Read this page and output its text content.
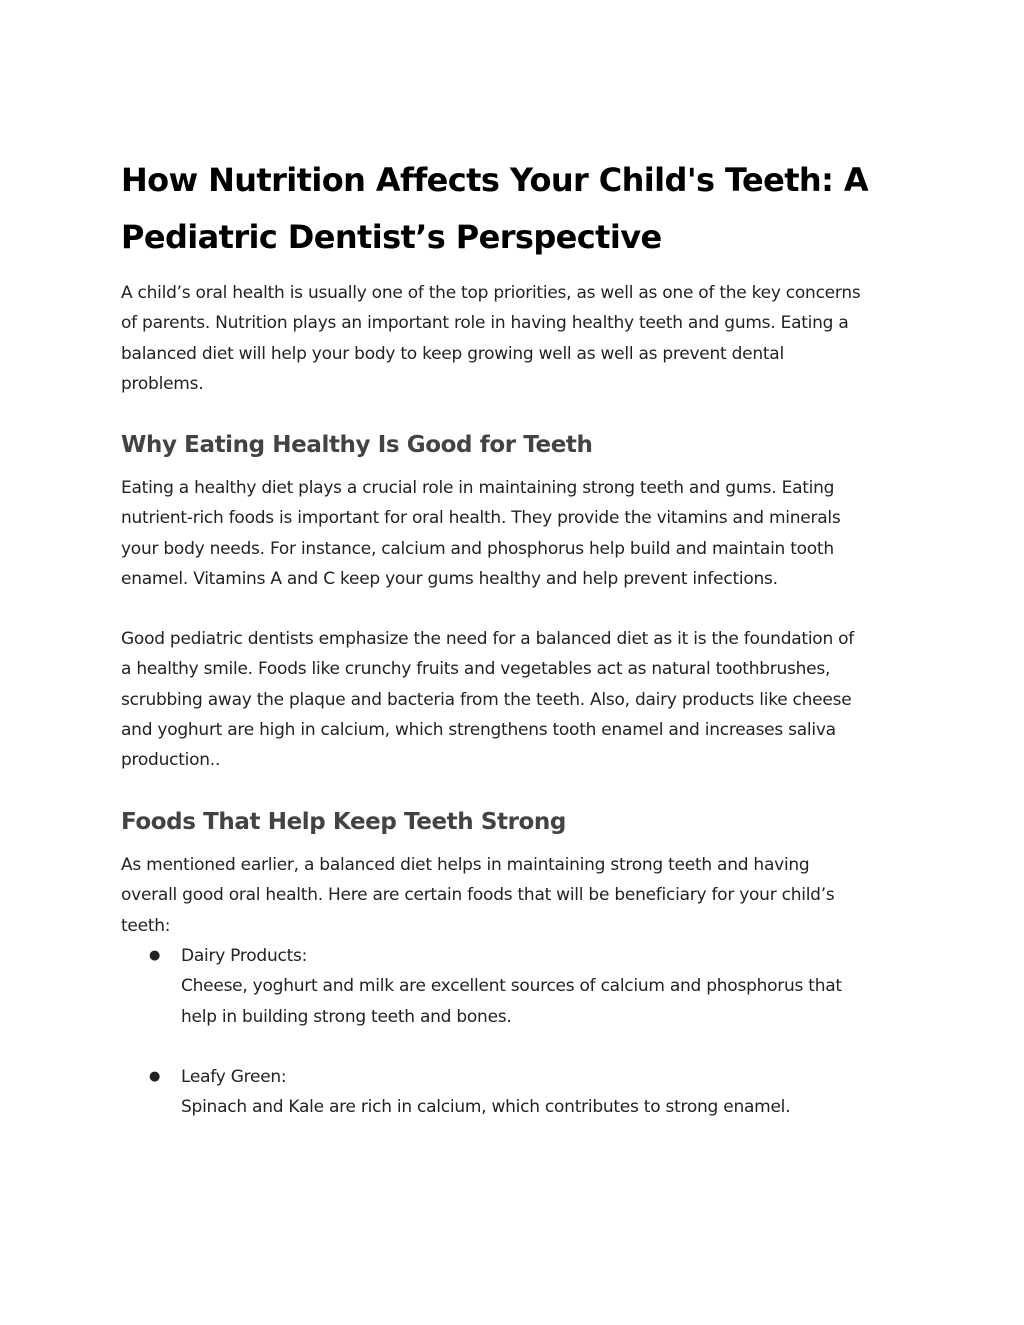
How Nutrition Affects Your Child's Teeth: A
Pediatric Dentist’s Perspective

A child’s oral health is usually one of the top priorities, as well as one of the key concerns
of parents. Nutrition plays an important role in having healthy teeth and gums. Eating a
balanced diet will help your body to keep growing well as well as prevent dental
problems.

Why Eating Healthy Is Good for Teeth

Eating a healthy diet plays a crucial role in maintaining strong teeth and gums. Eating
nutrient-rich foods is important for oral health. They provide the vitamins and minerals
your body needs. For instance, calcium and phosphorus help build and maintain tooth
enamel. Vitamins A and C keep your gums healthy and help prevent infections.

Good pediatric dentists emphasize the need for a balanced diet as it is the foundation of
a healthy smile. Foods like crunchy fruits and vegetables act as natural toothbrushes,
scrubbing away the plaque and bacteria from the teeth. Also, dairy products like cheese
and yoghurt are high in calcium, which strengthens tooth enamel and increases saliva
production..

Foods That Help Keep Teeth Strong

As mentioned earlier, a balanced diet helps in maintaining strong teeth and having
overall good oral health. Here are certain foods that will be beneficiary for your child’s
teeth:

● Dairy Products:
Cheese, yoghurt and milk are excellent sources of calcium and phosphorus that
help in building strong teeth and bones.
● Leafy Green:
Spinach and Kale are rich in calcium, which contributes to strong enamel.
